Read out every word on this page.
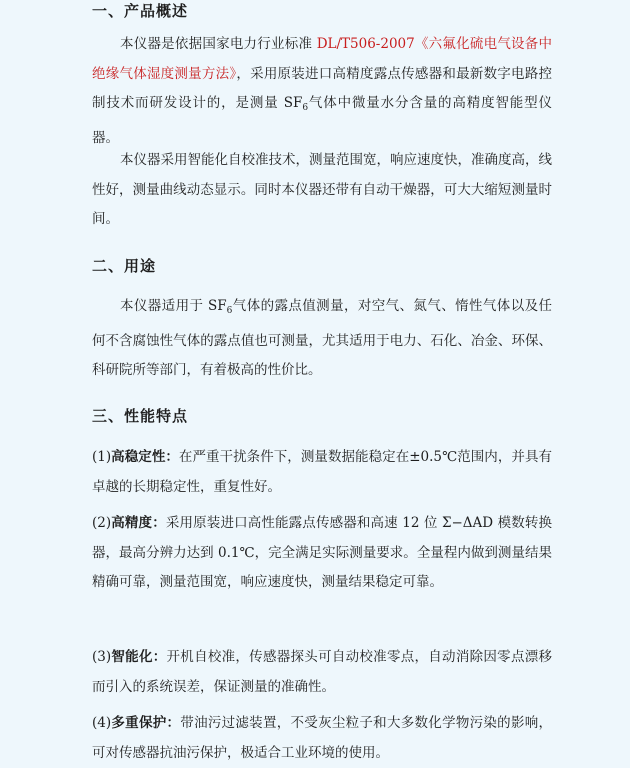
一、产品概述

本仪器是依据国家电力行业标准 DL/T506-2007《六氟化硫电气设备中绝缘气体湿度测量方法》，采用原装进口高精度露点传感器和最新数字电路控制技术而研发设计的，是测量 $SF_6$气体中微量水分含量的高精度智能型仪器。

本仪器采用智能化自校准技术，测量范围宽，响应速度快，准确度高，线性好，测量曲线动态显示。同时本仪器还带有自动干燥器，可大大缩短测量时间。

二、用途

本仪器适用于 $SF_6$气体的露点值测量，对空气、氮气、惰性气体以及任何不含腐蚀性气体的露点值也可测量，尤其适用于电力、石化、冶金、环保、科研院所等部门，有着极高的性价比。

三、性能特点

(1)高稳定性：在严重干扰条件下，测量数据能稳定在±0.5℃范围内，并具有卓越的长期稳定性，重复性好。

(2)高精度：采用原装进口高性能露点传感器和高速 12 位 Σ−ΔAD 模数转换器，最高分辨力达到 0.1℃，完全满足实际测量要求。全量程内做到测量结果精确可靠，测量范围宽，响应速度快，测量结果稳定可靠。

(3)智能化：开机自校准，传感器探头可自动校准零点，自动消除因零点漂移而引入的系统误差，保证测量的准确性。

(4)多重保护：带油污过滤装置，不受灰尘粒子和大多数化学物污染的影响，可对传感器抗油污保护，极适合工业环境的使用。
